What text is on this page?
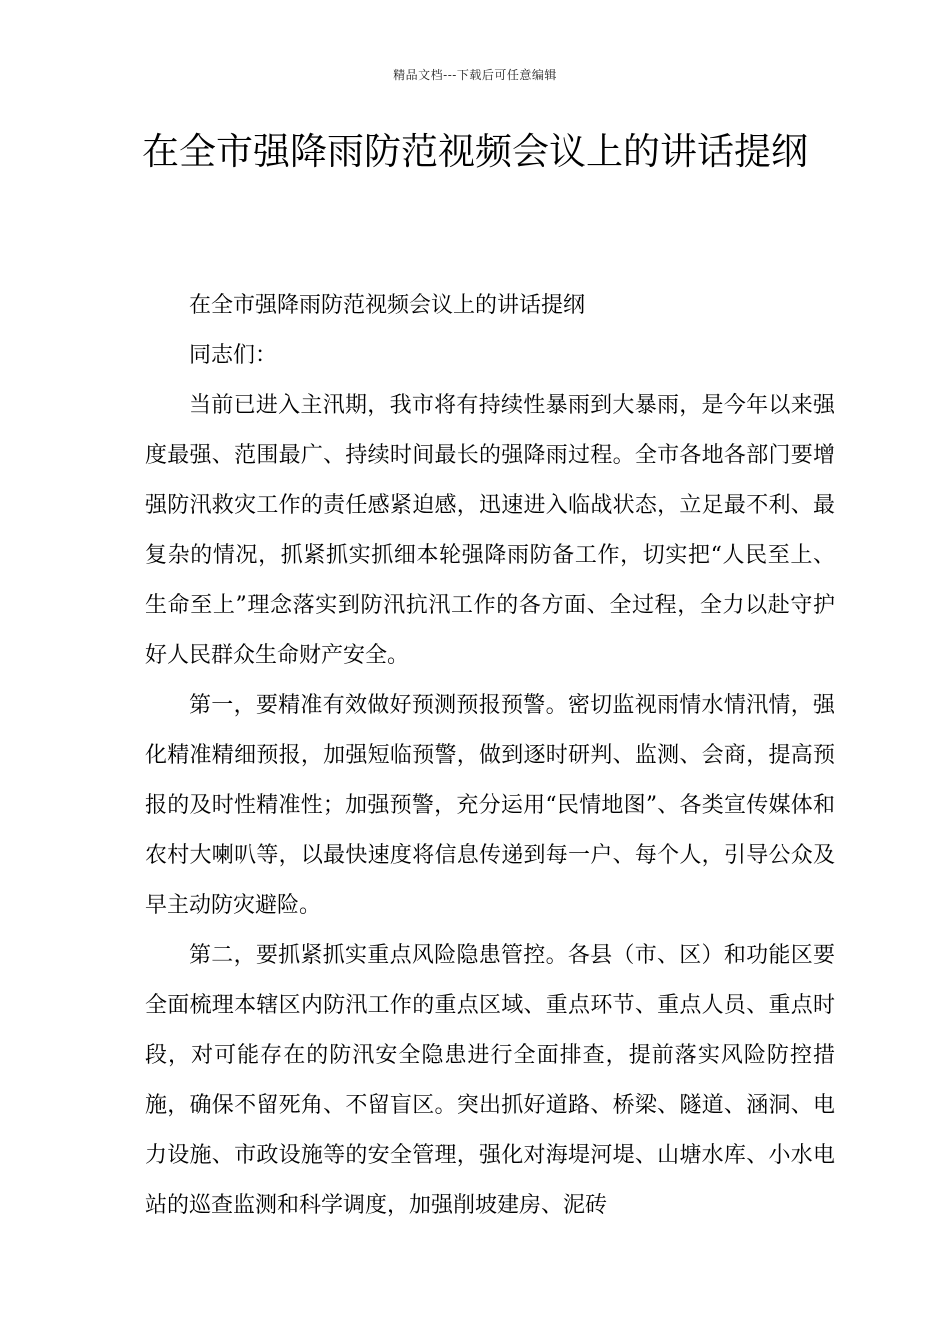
精品文档---下载后可任意编辑
在全市强降雨防范视频会议上的讲话提纲

在全市强降雨防范视频会议上的讲话提纲

同志们：

当前已进入主汛期，我市将有持续性暴雨到大暴雨，是今年以来强度最强、范围最广、持续时间最长的强降雨过程。全市各地各部门要增强防汛救灾工作的责任感紧迫感，迅速进入临战状态，立足最不利、最复杂的情况，抓紧抓实抓细本轮强降雨防备工作，切实把“人民至上、生命至上”理念落实到防汛抗汛工作的各方面、全过程，全力以赴守护好人民群众生命财产安全。

第一，要精准有效做好预测预报预警。密切监视雨情水情汛情，强化精准精细预报，加强短临预警，做到逐时研判、监测、会商，提高预报的及时性精准性；加强预警，充分运用“民情地图”、各类宣传媒体和农村大喇叭等，以最快速度将信息传递到每一户、每个人，引导公众及早主动防灾避险。

第二，要抓紧抓实重点风险隐患管控。各县（市、区）和功能区要全面梳理本辖区内防汛工作的重点区域、重点环节、重点人员、重点时段，对可能存在的防汛安全隐患进行全面排查，提前落实风险防控措施，确保不留死角、不留盲区。突出抓好道路、桥梁、隧道、涵洞、电力设施、市政设施等的安全管理，强化对海堤河堤、山塘水库、小水电站的巡查监测和科学调度，加强削坡建房、泥砖
